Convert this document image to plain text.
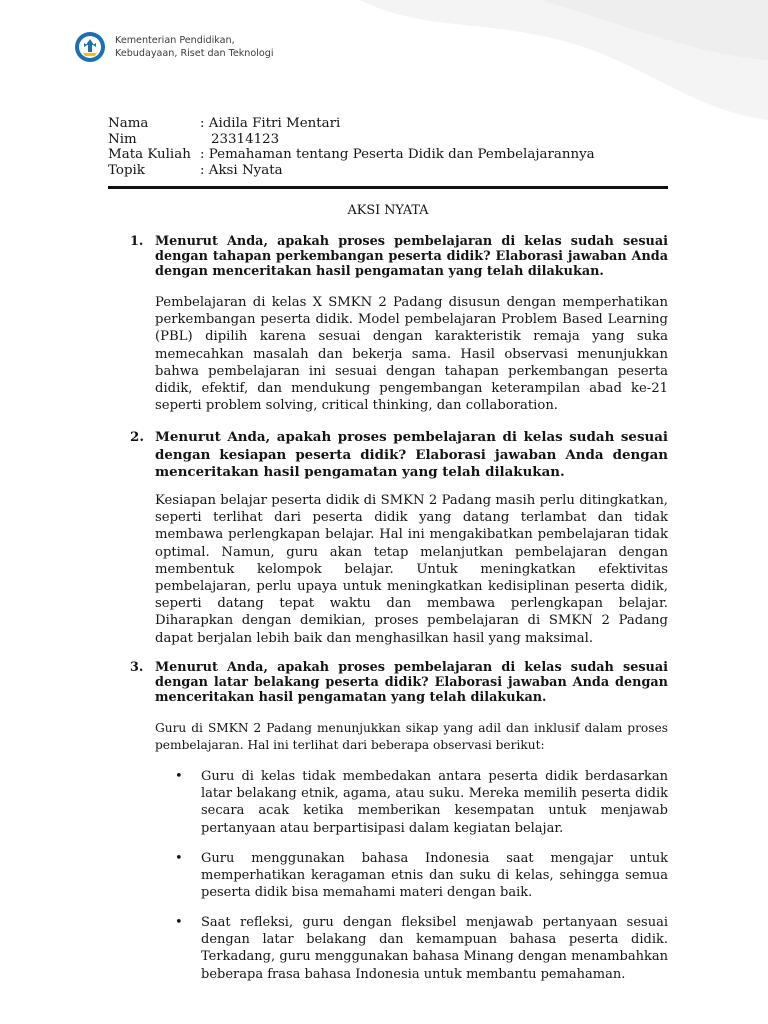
Kementerian Pendidikan,
Kebudayaan, Riset dan Teknologi
Nama	: Aidila Fitri Mentari
Nim	23314123
Mata Kuliah : Pemahaman tentang Peserta Didik dan Pembelajarannya
Topik	: Aksi Nyata
AKSI NYATA
1. Menurut Anda, apakah proses pembelajaran di kelas sudah sesuai dengan tahapan perkembangan peserta didik? Elaborasi jawaban Anda dengan menceritakan hasil pengamatan yang telah dilakukan.
Pembelajaran di kelas X SMKN 2 Padang disusun dengan memperhatikan perkembangan peserta didik. Model pembelajaran Problem Based Learning (PBL) dipilih karena sesuai dengan karakteristik remaja yang suka memecahkan masalah dan bekerja sama. Hasil observasi menunjukkan bahwa pembelajaran ini sesuai dengan tahapan perkembangan peserta didik, efektif, dan mendukung pengembangan keterampilan abad ke-21 seperti problem solving, critical thinking, dan collaboration.
2. Menurut Anda, apakah proses pembelajaran di kelas sudah sesuai dengan kesiapan peserta didik? Elaborasi jawaban Anda dengan menceritakan hasil pengamatan yang telah dilakukan.
Kesiapan belajar peserta didik di SMKN 2 Padang masih perlu ditingkatkan, seperti terlihat dari peserta didik yang datang terlambat dan tidak membawa perlengkapan belajar. Hal ini mengakibatkan pembelajaran tidak optimal. Namun, guru akan tetap melanjutkan pembelajaran dengan membentuk kelompok belajar. Untuk meningkatkan efektivitas pembelajaran, perlu upaya untuk meningkatkan kedisiplinan peserta didik, seperti datang tepat waktu dan membawa perlengkapan belajar. Diharapkan dengan demikian, proses pembelajaran di SMKN 2 Padang dapat berjalan lebih baik dan menghasilkan hasil yang maksimal.
3. Menurut Anda, apakah proses pembelajaran di kelas sudah sesuai dengan latar belakang peserta didik? Elaborasi jawaban Anda dengan menceritakan hasil pengamatan yang telah dilakukan.
Guru di SMKN 2 Padang menunjukkan sikap yang adil dan inklusif dalam proses pembelajaran. Hal ini terlihat dari beberapa observasi berikut:
• Guru di kelas tidak membedakan antara peserta didik berdasarkan latar belakang etnik, agama, atau suku. Mereka memilih peserta didik secara acak ketika memberikan kesempatan untuk menjawab pertanyaan atau berpartisipasi dalam kegiatan belajar.
• Guru menggunakan bahasa Indonesia saat mengajar untuk memperhatikan keragaman etnis dan suku di kelas, sehingga semua peserta didik bisa memahami materi dengan baik.
• Saat refleksi, guru dengan fleksibel menjawab pertanyaan sesuai dengan latar belakang dan kemampuan bahasa peserta didik. Terkadang, guru menggunakan bahasa Minang dengan menambahkan beberapa frasa bahasa Indonesia untuk membantu pemahaman.
